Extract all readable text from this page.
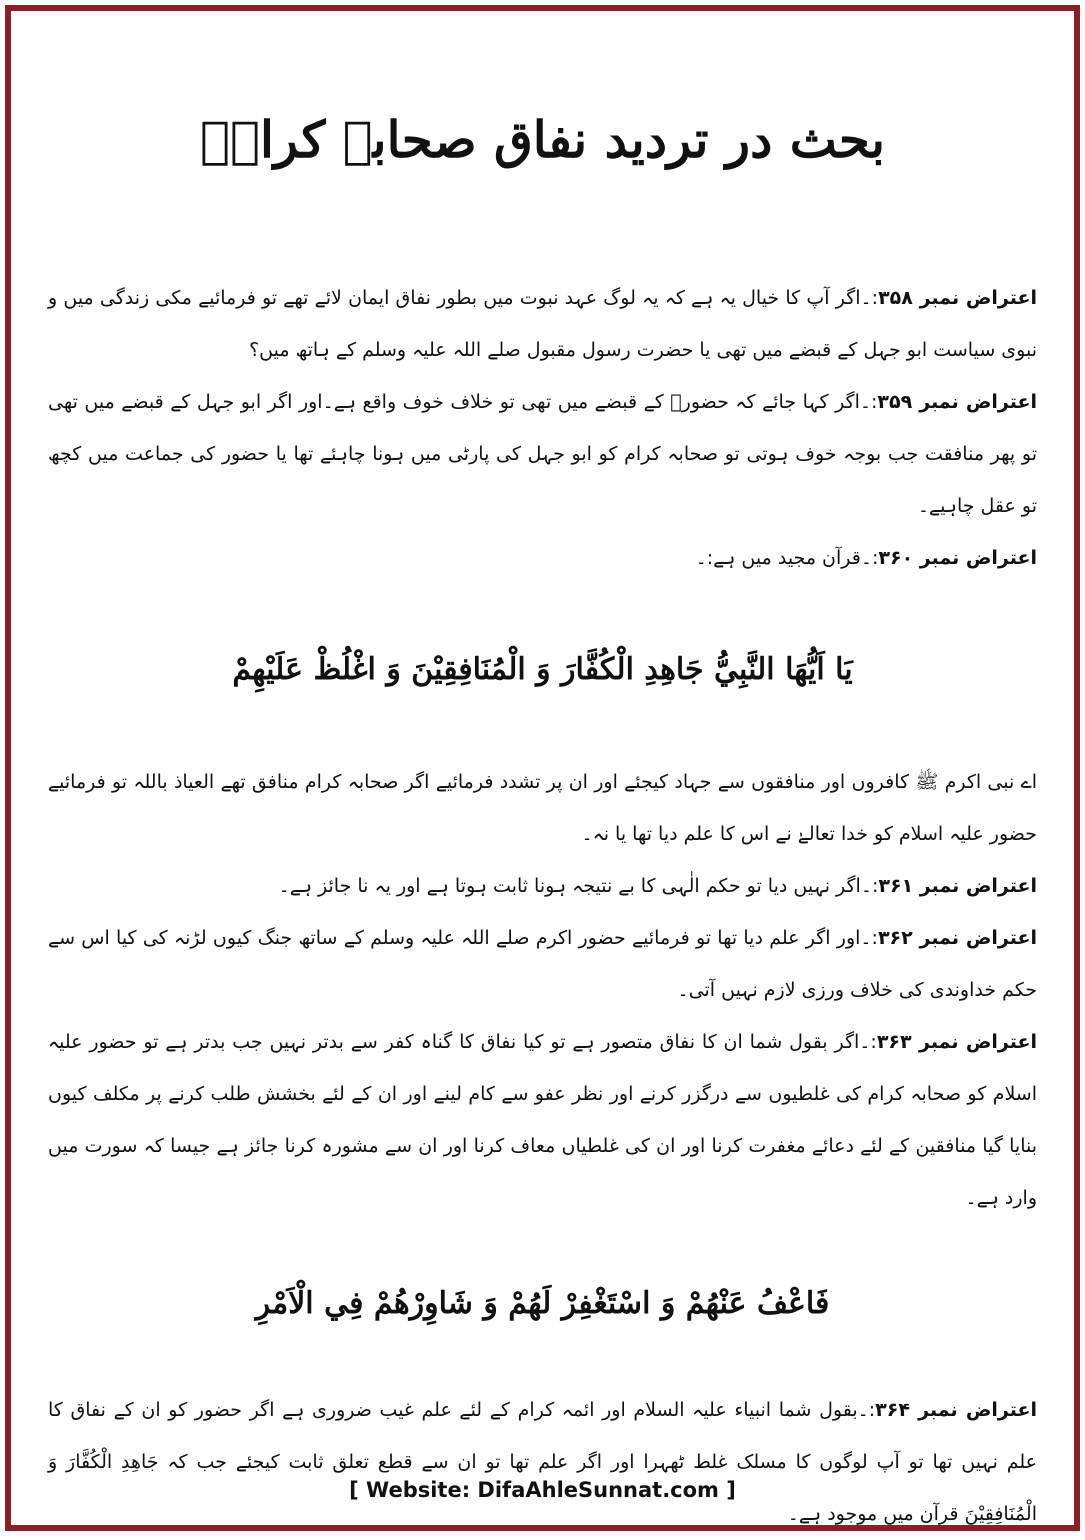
بحث در تردید نفاق صحابہ کرامؓ

اعتراض نمبر ۳۵۸:۔اگر آپ کا خیال یہ ہے کہ یہ لوگ عہد نبوت میں بطور نفاق ایمان لائے تھے تو فرمائیے مکی زندگی میں و نبوی سیاست ابو جہل کے قبضے میں تھی یا حضرت رسول مقبول صلے اللہ علیہ وسلم کے ہاتھ میں؟

اعتراض نمبر ۳۵۹:۔اگر کہا جائے کہ حضورؐ کے قبضے میں تھی تو خلاف خوف واقع ہے۔اور اگر ابو جہل کے قبضے میں تھی تو پھر منافقت جب بوجہ خوف ہوتی تو صحابہ کرام کو ابو جہل کی پارٹی میں ہونا چاہئے تھا یا حضور کی جماعت میں کچھ تو عقل چاہیے۔

اعتراض نمبر ۳۶۰:۔قرآن مجید میں ہے:۔

يَا اَيُّهَا النَّبِيُّ جَاهِدِ الْكُفَّارَ وَ الْمُنَافِقِيْنَ وَ اغْلُظْ عَلَيْهِمْ

اے نبی اکرم ﷺ کافروں اور منافقوں سے جہاد کیجئے اور ان پر تشدد فرمائیے اگر صحابہ کرام منافق تھے العیاذ باللہ تو فرمائیے حضور علیہ اسلام کو خدا تعالےٰ نے اس کا علم دیا تھا یا نہ۔

اعتراض نمبر ۳۶۱:۔اگر نہیں دیا تو حکم الٰہی کا بے نتیجہ ہونا ثابت ہوتا ہے اور یہ نا جائز ہے۔

اعتراض نمبر ۳۶۲:۔اور اگر علم دیا تھا تو فرمائیے حضور اکرم صلے اللہ علیہ وسلم کے ساتھ جنگ کیوں لڑنہ کی کیا اس سے حکم خداوندی کی خلاف ورزی لازم نہیں آتی۔

اعتراض نمبر ۳۶۳:۔اگر بقول شما ان کا نفاق متصور ہے تو کیا نفاق کا گناہ کفر سے بدتر نہیں جب بدتر ہے تو حضور علیہ اسلام کو صحابہ کرام کی غلطیوں سے درگزر کرنے اور نظر عفو سے کام لینے اور ان کے لئے بخشش طلب کرنے پر مکلف کیوں بنایا گیا منافقین کے لئے دعائے مغفرت کرنا اور ان کی غلطیاں معاف کرنا اور ان سے مشورہ کرنا جائز ہے جیسا کہ سورت میں وارد ہے۔

فَاعْفُ عَنْهُمْ وَ اسْتَغْفِرْ لَهُمْ وَ شَاوِرْهُمْ فِي الْاَمْرِ

اعتراض نمبر ۳۶۴:۔بقول شما انبیاء علیہ السلام اور ائمہ کرام کے لئے علم غیب ضروری ہے اگر حضور کو ان کے نفاق کا علم نہیں تھا تو آپ لوگوں کا مسلک غلط ٹھہرا اور اگر علم تھا تو ان سے قطع تعلق ثابت کیجئے جب کہ جَاهِدِ الْكُفَّارَ وَ الْمُنَافِقِيْنَ قرآن میں موجود ہے۔

[ Website: DifaAhleSunnat.com ]
